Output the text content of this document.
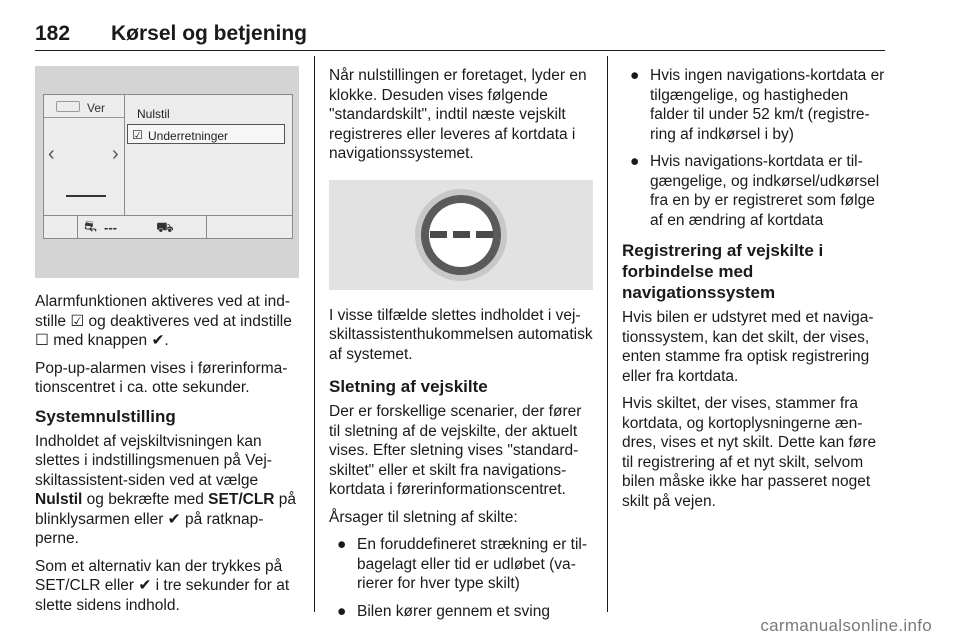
182 Kørsel og betjening
Ver
‹	›
Nulstil
☑ Underretninger
⛐ ---	⛟

Alarmfunktionen aktiveres ved at indstille ☑ og deaktiveres ved at indstille ☐ med knappen ✔.

Pop-up-alarmen vises i førerinformationscentret i ca. otte sekunder.

Systemnulstilling

Indholdet af vejskiltvisningen kan slettes i indstillingsmenuen på Vejskiltassistent-siden ved at vælge Nulstil og bekræfte med SET/CLR på blinklysarmen eller ✔ på ratknapperne.

Som et alternativ kan der trykkes på SET/CLR eller ✔ i tre sekunder for at slette sidens indhold.

Når nulstillingen er foretaget, lyder en klokke. Desuden vises følgende "standardskilt", indtil næste vejskilt registreres eller leveres af kortdata i navigationssystemet.

I visse tilfælde slettes indholdet i vejskiltassistenthukommelsen automatisk af systemet.

Sletning af vejskilte

Der er forskellige scenarier, der fører til sletning af de vejskilte, der aktuelt vises. Efter sletning vises "standardskiltet" eller et skilt fra navigationskortdata i førerinformationscentret.

Årsager til sletning af skilte:

● En foruddefineret strækning er tilbagelagt eller tid er udløbet (varierer for hver type skilt)
● Bilen kører gennem et sving
● Hvis ingen navigations-kortdata er tilgængelige, og hastigheden falder til under 52 km/t (registrering af indkørsel i by)
● Hvis navigations-kortdata er tilgængelige, og indkørsel/udkørsel fra en by er registreret som følge af en ændring af kortdata
Registrering af vejskilte i forbindelse med navigationssystem

Hvis bilen er udstyret med et navigationssystem, kan det skilt, der vises, enten stamme fra optisk registrering eller fra kortdata.

Hvis skiltet, der vises, stammer fra kortdata, og kortoplysningerne ændres, vises et nyt skilt. Dette kan føre til registrering af et nyt skilt, selvom bilen måske ikke har passeret noget skilt på vejen.

carmanualsonline.info
